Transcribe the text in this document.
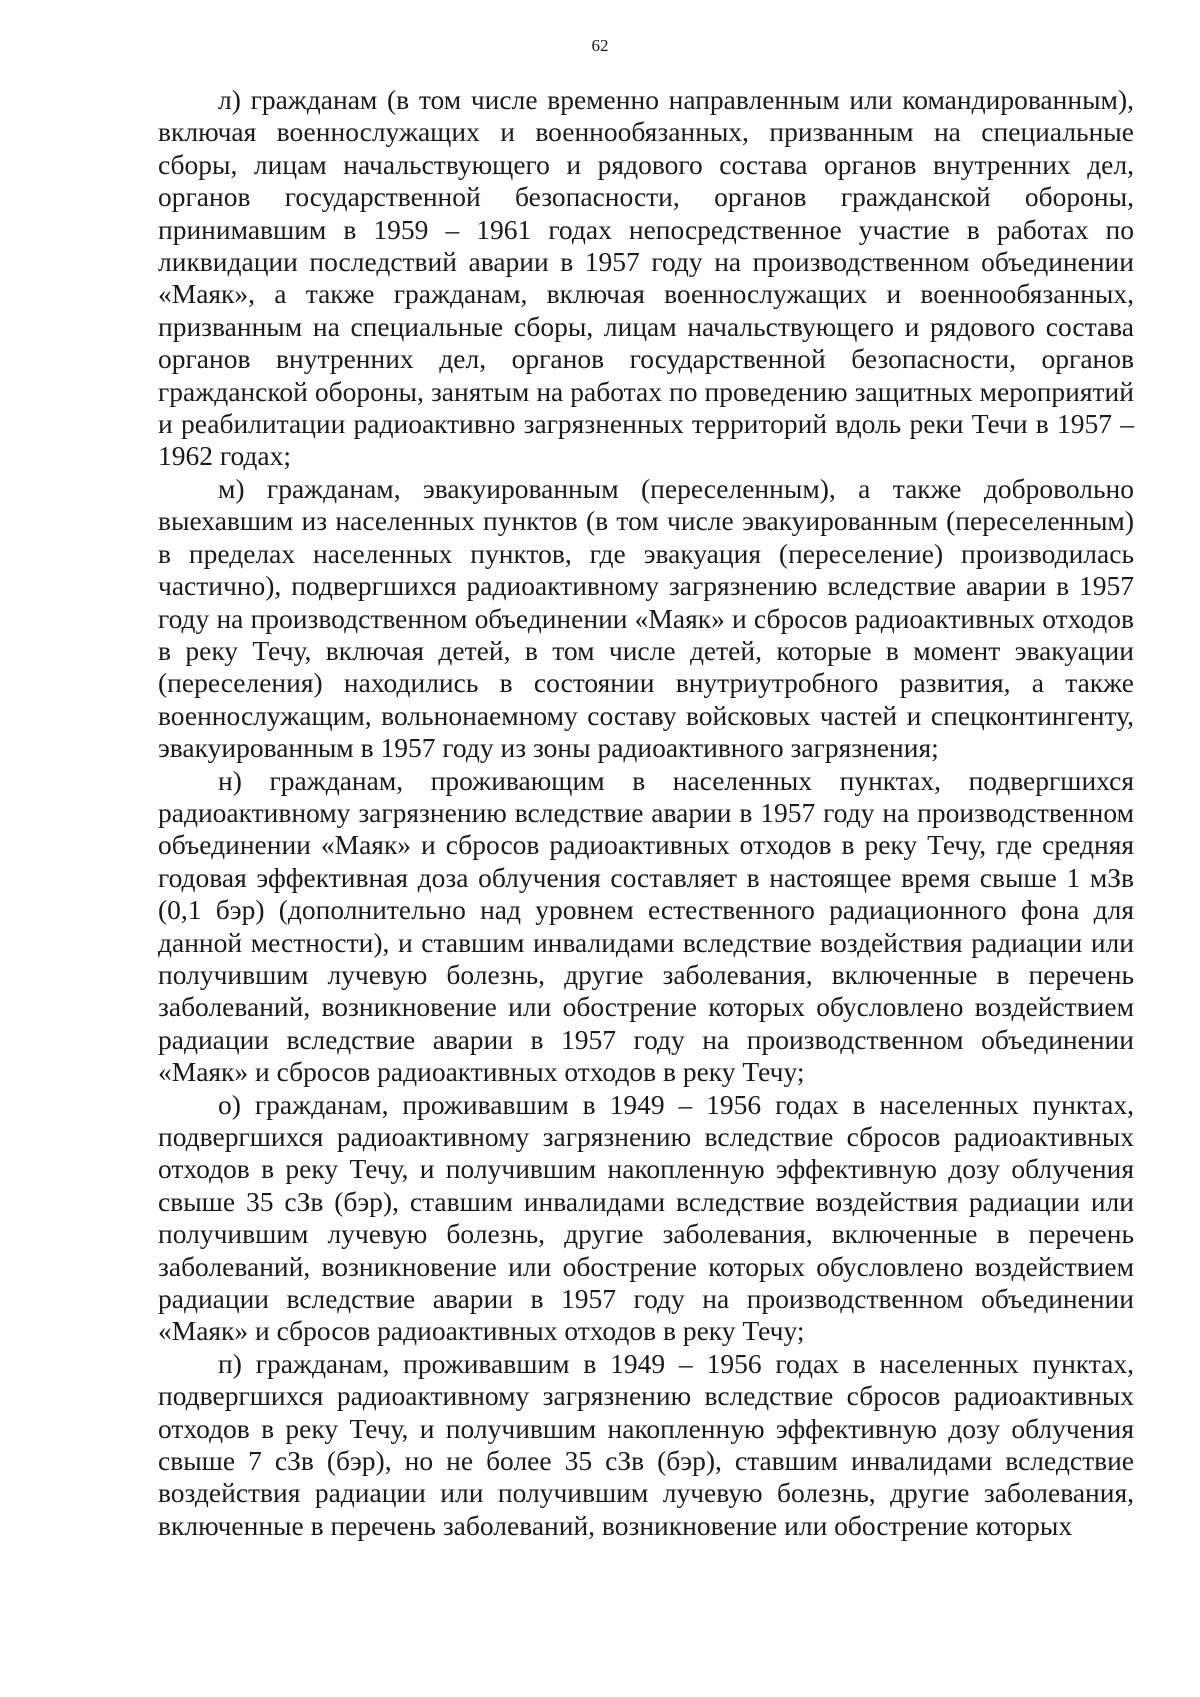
62

л) гражданам (в том числе временно направленным или командированным), включая военнослужащих и военнообязанных, призванным на специальные сборы, лицам начальствующего и рядового состава органов внутренних дел, органов государственной безопасности, органов гражданской обороны, принимавшим в 1959 – 1961 годах непосредственное участие в работах по ликвидации последствий аварии в 1957 году на производственном объединении «Маяк», а также гражданам, включая военнослужащих и военнообязанных, призванным на специальные сборы, лицам начальствующего и рядового состава органов внутренних дел, органов государственной безопасности, органов гражданской обороны, занятым на работах по проведению защитных мероприятий и реабилитации радиоактивно загрязненных территорий вдоль реки Течи в 1957 – 1962 годах;

м) гражданам, эвакуированным (переселенным), а также добровольно выехавшим из населенных пунктов (в том числе эвакуированным (переселенным) в пределах населенных пунктов, где эвакуация (переселение) производилась частично), подвергшихся радиоактивному загрязнению вследствие аварии в 1957 году на производственном объединении «Маяк» и сбросов радиоактивных отходов в реку Течу, включая детей, в том числе детей, которые в момент эвакуации (переселения) находились в состоянии внутриутробного развития, а также военнослужащим, вольнонаемному составу войсковых частей и спецконтингенту, эвакуированным в 1957 году из зоны радиоактивного загрязнения;

н) гражданам, проживающим в населенных пунктах, подвергшихся радиоактивному загрязнению вследствие аварии в 1957 году на производственном объединении «Маяк» и сбросов радиоактивных отходов в реку Течу, где средняя годовая эффективная доза облучения составляет в настоящее время свыше 1 мЗв (0,1 бэр) (дополнительно над уровнем естественного радиационного фона для данной местности), и ставшим инвалидами вследствие воздействия радиации или получившим лучевую болезнь, другие заболевания, включенные в перечень заболеваний, возникновение или обострение которых обусловлено воздействием радиации вследствие аварии в 1957 году на производственном объединении «Маяк» и сбросов радиоактивных отходов в реку Течу;

о) гражданам, проживавшим в 1949 – 1956 годах в населенных пунктах, подвергшихся радиоактивному загрязнению вследствие сбросов радиоактивных отходов в реку Течу, и получившим накопленную эффективную дозу облучения свыше 35 сЗв (бэр), ставшим инвалидами вследствие воздействия радиации или получившим лучевую болезнь, другие заболевания, включенные в перечень заболеваний, возникновение или обострение которых обусловлено воздействием радиации вследствие аварии в 1957 году на производственном объединении «Маяк» и сбросов радиоактивных отходов в реку Течу;

п) гражданам, проживавшим в 1949 – 1956 годах в населенных пунктах, подвергшихся радиоактивному загрязнению вследствие сбросов радиоактивных отходов в реку Течу, и получившим накопленную эффективную дозу облучения свыше 7 сЗв (бэр), но не более 35 сЗв (бэр), ставшим инвалидами вследствие воздействия радиации или получившим лучевую болезнь, другие заболевания, включенные в перечень заболеваний, возникновение или обострение которых
